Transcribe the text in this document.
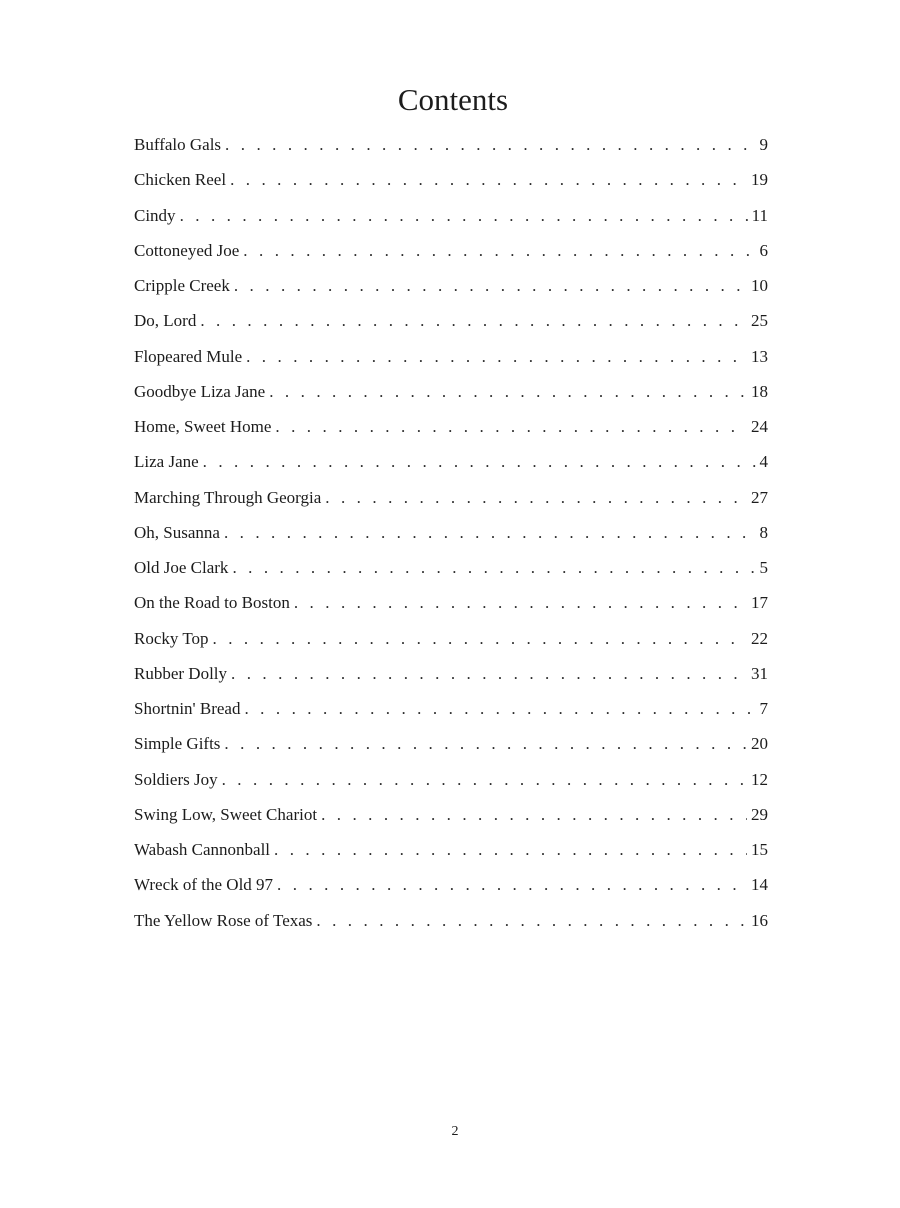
Contents
Buffalo Gals . . .	9
Chicken Reel . . .	19
Cindy . . .	11
Cottoneyed Joe . . .	6
Cripple Creek . . .	10
Do, Lord . . .	25
Flopeared Mule . . .	13
Goodbye Liza Jane . . .	18
Home, Sweet Home . . .	24
Liza Jane . . .	4
Marching Through Georgia . . .	27
Oh, Susanna . . .	8
Old Joe Clark . . .	5
On the Road to Boston . . .	17
Rocky Top . . .	22
Rubber Dolly . . .	31
Shortnin' Bread . . .	7
Simple Gifts . . .	20
Soldiers Joy . . .	12
Swing Low, Sweet Chariot . . .	29
Wabash Cannonball . . .	15
Wreck of the Old 97 . . .	14
The Yellow Rose of Texas . . .	16
2
